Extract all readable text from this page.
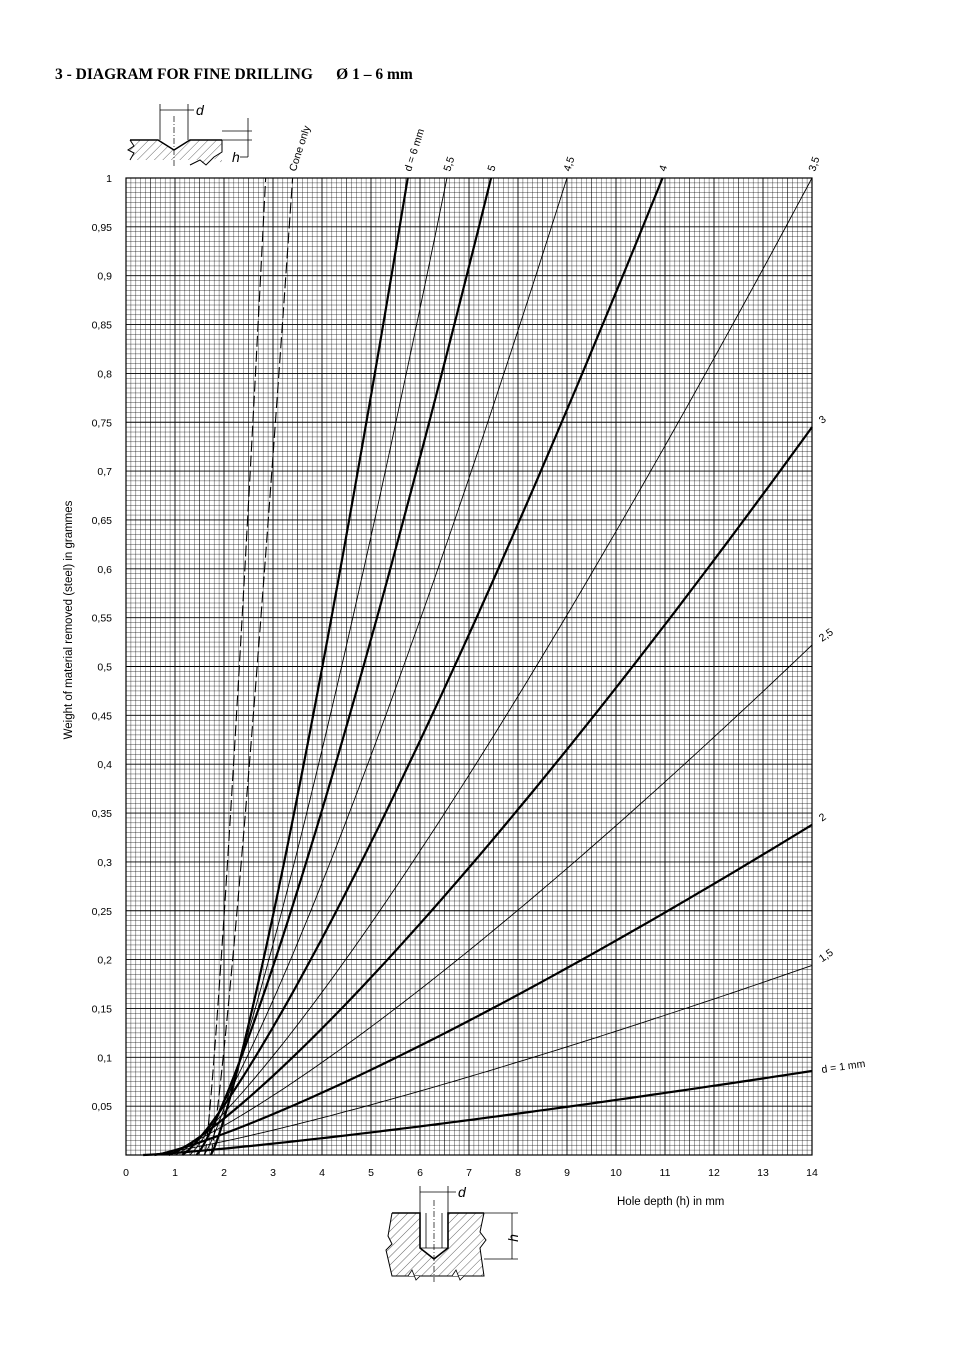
3 - DIAGRAM FOR FINE DRILLING Ø 1 – 6 mm
0	1	2	3	4	5	6	7	8	9	10	11	12	13	14
0,05
0,1
0,15
0,2
0,25
0,3
0,35
0,4
0,45
0,5
0,55
0,6
0,65
0,7
0,75
0,8
0,85
0,9
0,95
1
d = 1 mm
1,5
2
2,5
3
3,5
4
4,5
5
5,5
d = 6 mm
Cone only
Hole depth (h) in mm
Weight of material removed (steel) in grammes
d
h
d
h
